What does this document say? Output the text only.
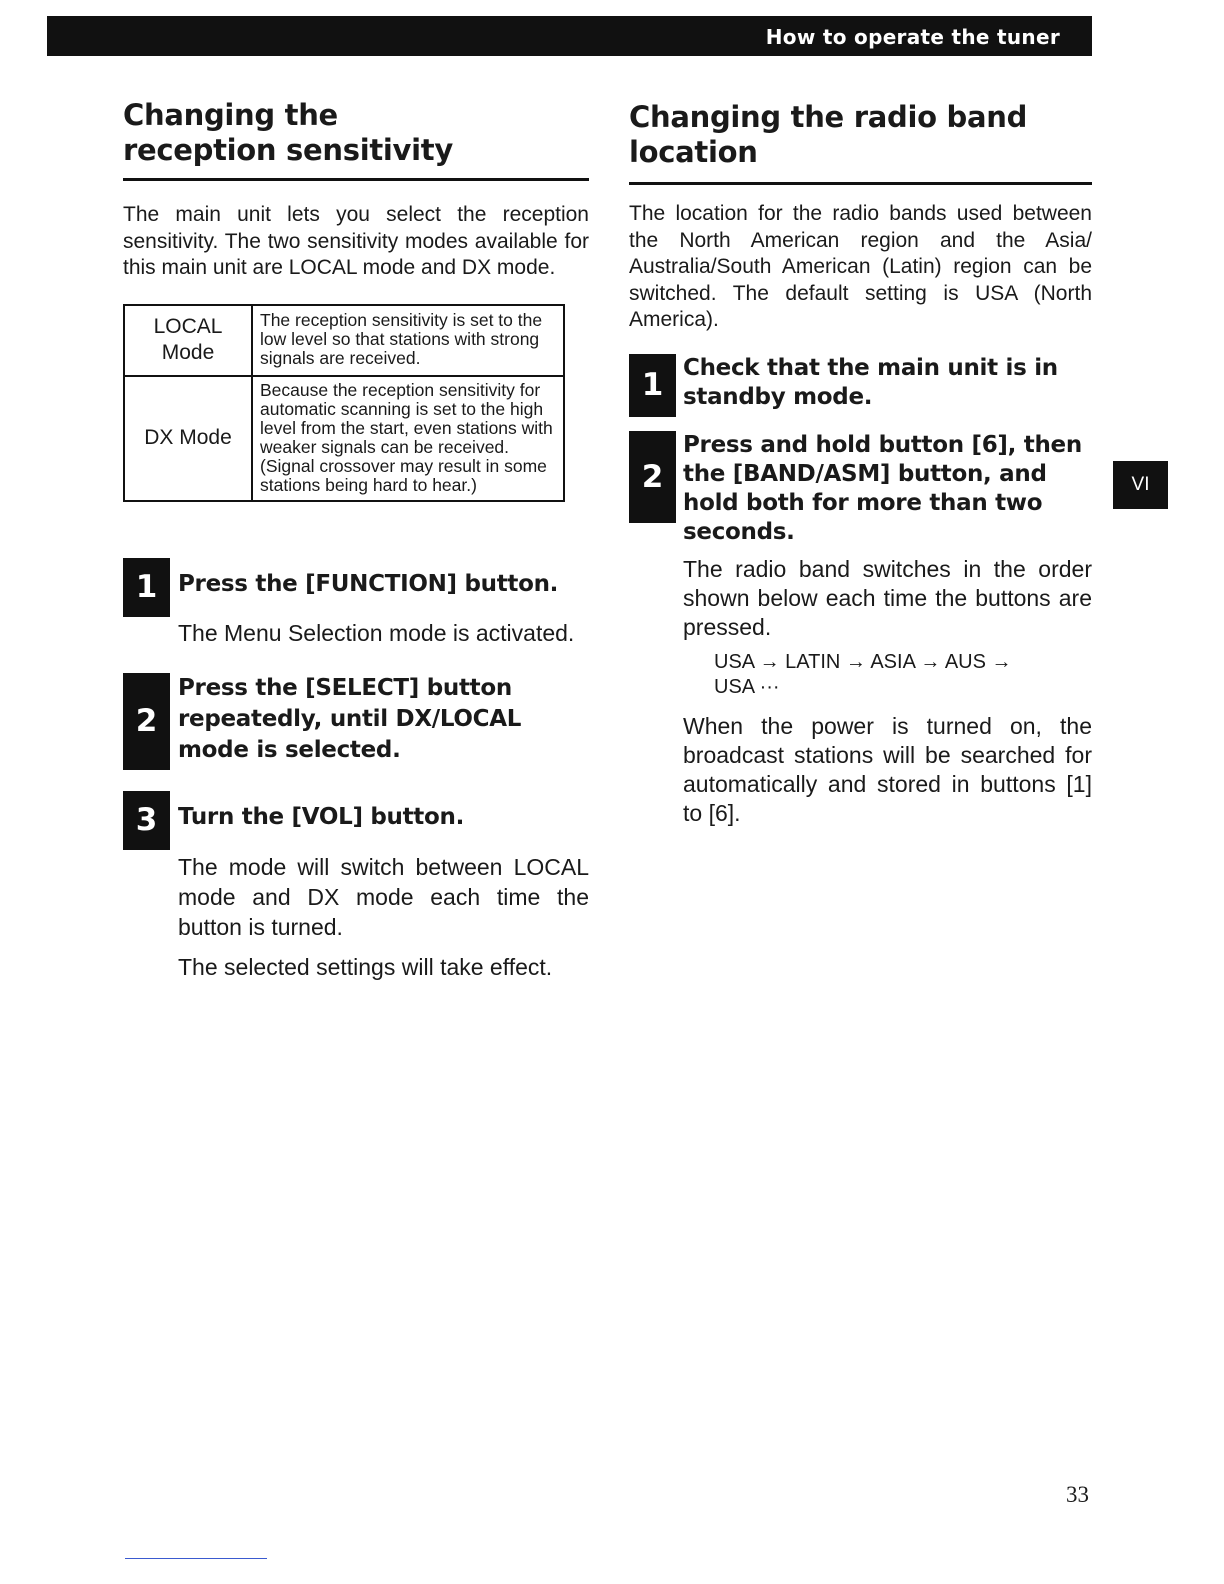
How to operate the tuner
Changing the reception sensitivity

The main unit lets you select the reception sensitivity. The two sensitivity modes available for this main unit are LOCAL mode and DX mode.

LOCAL Mode	The reception sensitivity is set to the low level so that stations with strong signals are received.
DX Mode	Because the reception sensitivity for automatic scanning is set to the high level from the start, even stations with weaker signals can be received. (Signal crossover may result in some stations being hard to hear.)
1 Press the [FUNCTION] button.

The Menu Selection mode is activated.

2
Press the [SELECT] button repeatedly, until DX/LOCAL mode is selected.
3 Turn the [VOL] button.

The mode will switch between LOCAL mode and DX mode each time the button is turned.

The selected settings will take effect.

Changing the radio band location

The location for the radio bands used between the North American region and the Asia/ Australia/South American (Latin) region can be switched. The default setting is USA (North America).

1 Check that the main unit is in standby mode.
2
Press and hold button [6], then the [BAND/ASM] button, and hold both for more than two seconds.
The radio band switches in the order shown below each time the buttons are pressed.
USA → LATIN → ASIA → AUS →
USA ···
When the power is turned on, the broadcast stations will be searched for automatically and stored in buttons [1] to [6].
VI
33
